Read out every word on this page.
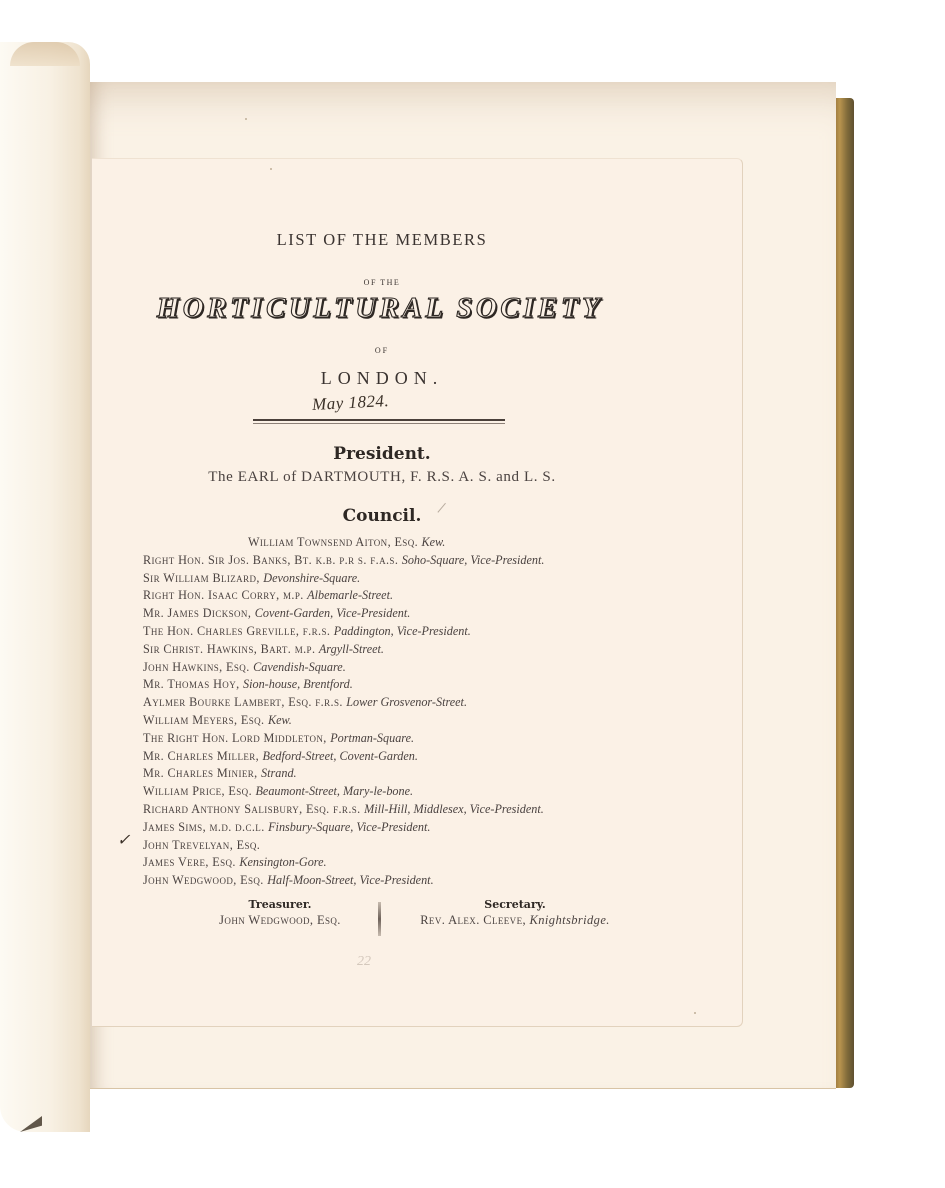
LIST OF THE MEMBERS
OF THE
HORTICULTURAL SOCIETY
OF
LONDON.
May 1824.
President.
The EARL of DARTMOUTH, F. R.S. A. S. and L. S.
Council.
William Townsend Aiton, Esq. Kew.
Right Hon. Sir Jos. Banks, Bt. k.b. p.r s. f.a.s. Soho-Square, Vice-President.
Sir William Blizard, Devonshire-Square.
Right Hon. Isaac Corry, m.p. Albemarle-Street.
Mr. James Dickson, Covent-Garden, Vice-President.
The Hon. Charles Greville, f.r.s. Paddington, Vice-President.
Sir Christ. Hawkins, Bart. m.p. Argyll-Street.
John Hawkins, Esq. Cavendish-Square.
Mr. Thomas Hoy, Sion-house, Brentford.
Aylmer Bourke Lambert, Esq. f.r.s. Lower Grosvenor-Street.
William Meyers, Esq. Kew.
The Right Hon. Lord Middleton, Portman-Square.
Mr. Charles Miller, Bedford-Street, Covent-Garden.
Mr. Charles Minier, Strand.
William Price, Esq. Beaumont-Street, Mary-le-bone.
Richard Anthony Salisbury, Esq. f.r.s. Mill-Hill, Middlesex, Vice-President.
James Sims, m.d. d.c.l. Finsbury-Square, Vice-President.
John Trevelyan, Esq.
James Vere, Esq. Kensington-Gore.
John Wedgwood, Esq. Half-Moon-Street, Vice-President.
✓
Treasurer.
John Wedgwood, Esq.
Secretary.
Rev. Alex. Cleeve, Knightsbridge.
22
